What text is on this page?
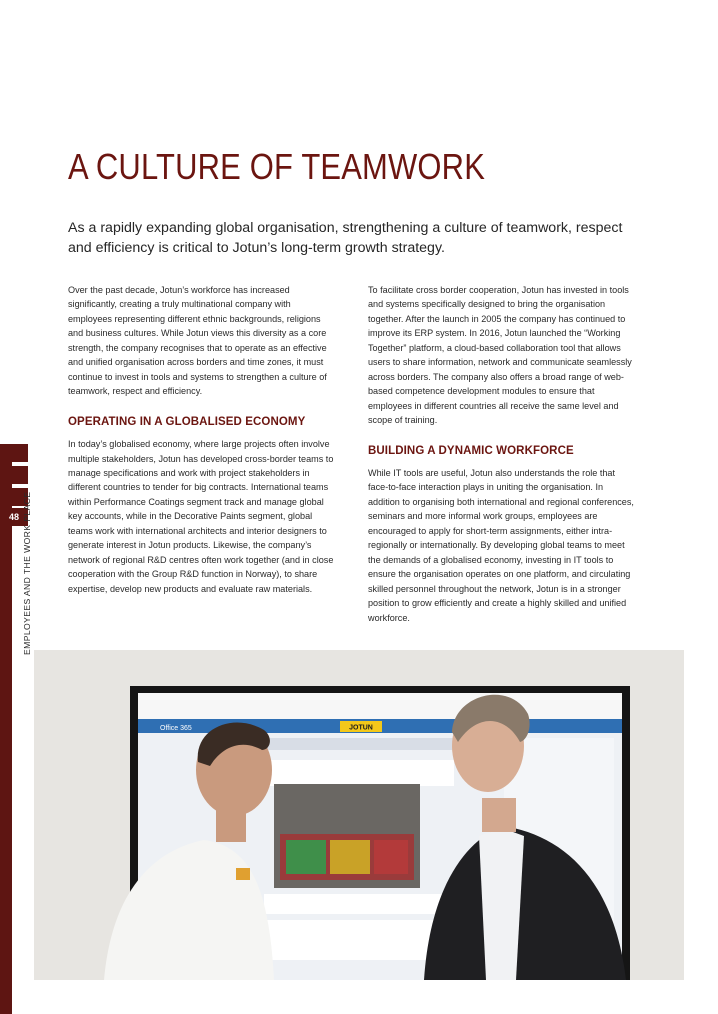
A CULTURE OF TEAMWORK

As a rapidly expanding global organisation, strengthening a culture of teamwork, respect and efficiency is critical to Jotun’s long-term growth strategy.

Over the past decade, Jotun’s workforce has increased significantly, creating a truly multinational company with employees representing different ethnic backgrounds, religions and business cultures. While Jotun views this diversity as a core strength, the company recognises that to operate as an effective and unified organisation across borders and time zones, it must continue to invest in tools and systems to strengthen a culture of teamwork, respect and efficiency.

OPERATING IN A GLOBALISED ECONOMY

In today’s globalised economy, where large projects often involve multiple stakeholders, Jotun has developed cross-border teams to manage specifications and work with project stakeholders in different countries to tender for big contracts. International teams within Performance Coatings segment track and manage global key accounts, while in the Decorative Paints segment, global teams work with international architects and interior designers to generate interest in Jotun products. Likewise, the company’s network of regional R&D centres often work together (and in close cooperation with the Group R&D function in Norway), to share expertise, develop new products and evaluate raw materials.

To facilitate cross border cooperation, Jotun has invested in tools and systems specifically designed to bring the organisation together. After the launch in 2005 the company has continued to improve its ERP system. In 2016, Jotun launched the “Working Together” platform, a cloud-based collaboration tool that allows users to share information, network and communicate seamlessly across borders. The company also offers a broad range of web-based competence development modules to ensure that employees in different countries all receive the same level and scope of training.

BUILDING A DYNAMIC WORKFORCE

While IT tools are useful, Jotun also understands the role that face-to-face interaction plays in uniting the organisation. In addition to organising both international and regional conferences, seminars and more informal work groups, employees are encouraged to apply for short-term assignments, either intra-regionally or internationally. By developing global teams to meet the demands of a globalised economy, investing in IT tools to ensure the organisation operates on one platform, and circulating skilled personnel throughout the network, Jotun is in a stronger position to grow efficiently and create a highly skilled and unified workforce.

48 EMPLOYEES AND THE WORK PLACE
Office 365	JOTUN
